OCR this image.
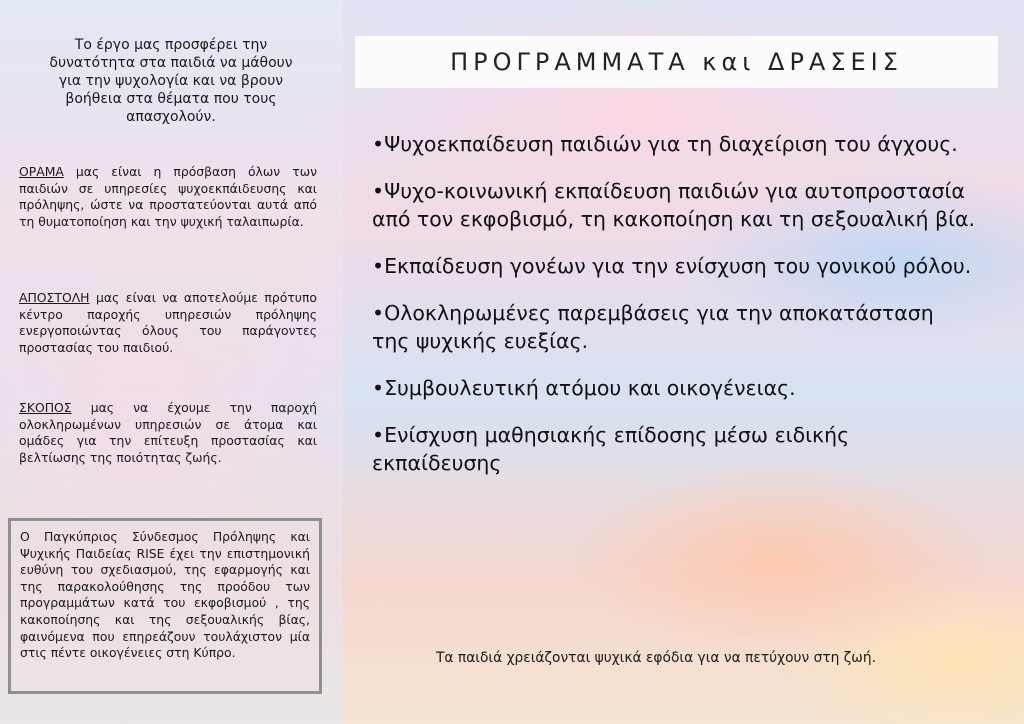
Το έργο μας προσφέρει την δυνατότητα στα παιδιά να μάθουν για την ψυχολογία και να βρουν βοήθεια στα θέματα που τους απασχολούν.
ΟΡΑΜΑ μας είναι η πρόσβαση όλων των παιδιών σε υπηρεσίες ψυχοεκπάιδευσης και πρόληψης, ώστε να προστατεύονται αυτά από τη θυματοποίηση και την ψυχική ταλαιπωρία.
ΑΠΟΣΤΟΛΗ μας είναι να αποτελούμε πρότυπο κέντρο παροχής υπηρεσιών πρόληψης ενεργοποιώντας όλους του παράγοντες προστασίας του παιδιού.
ΣΚΟΠΟΣ μας να έχουμε την παροχή ολοκληρωμένων υπηρεσιών σε άτομα και ομάδες για την επίτευξη προστασίας και βελτίωσης της ποιότητας ζωής.
Ο Παγκύπριος Σύνδεσμος Πρόληψης και Ψυχικής Παιδείας RISE έχει την επιστημονική ευθύνη του σχεδιασμού, της εφαρμογής και της παρακολούθησης της προόδου των προγραμμάτων κατά του εκφοβισμού , της κακοποίησης και της σεξουαλικής βίας, φαινόμενα που επηρεάζουν τουλάχιστον μία στις πέντε οικογένειες στη Κύπρο.
ΠΡΟΓΡΑΜΜΑΤΑ και ΔΡΑΣΕΙΣ
•Ψυχοεκπαίδευση παιδιών για τη διαχείριση του άγχους.
•Ψυχο-κοινωνική εκπαίδευση παιδιών για αυτοπροστασία από τον εκφοβισμό, τη κακοποίηση και τη σεξουαλική βία.
•Εκπαίδευση γονέων για την ενίσχυση του γονικού ρόλου.
•Ολοκληρωμένες παρεμβάσεις για την αποκατάσταση της ψυχικής ευεξίας.
•Συμβουλευτική ατόμου και οικογένειας.
•Ενίσχυση μαθησιακής επίδοσης μέσω ειδικής εκπαίδευσης
Τα παιδιά χρειάζονται ψυχικά εφόδια για να πετύχουν στη ζωή.
